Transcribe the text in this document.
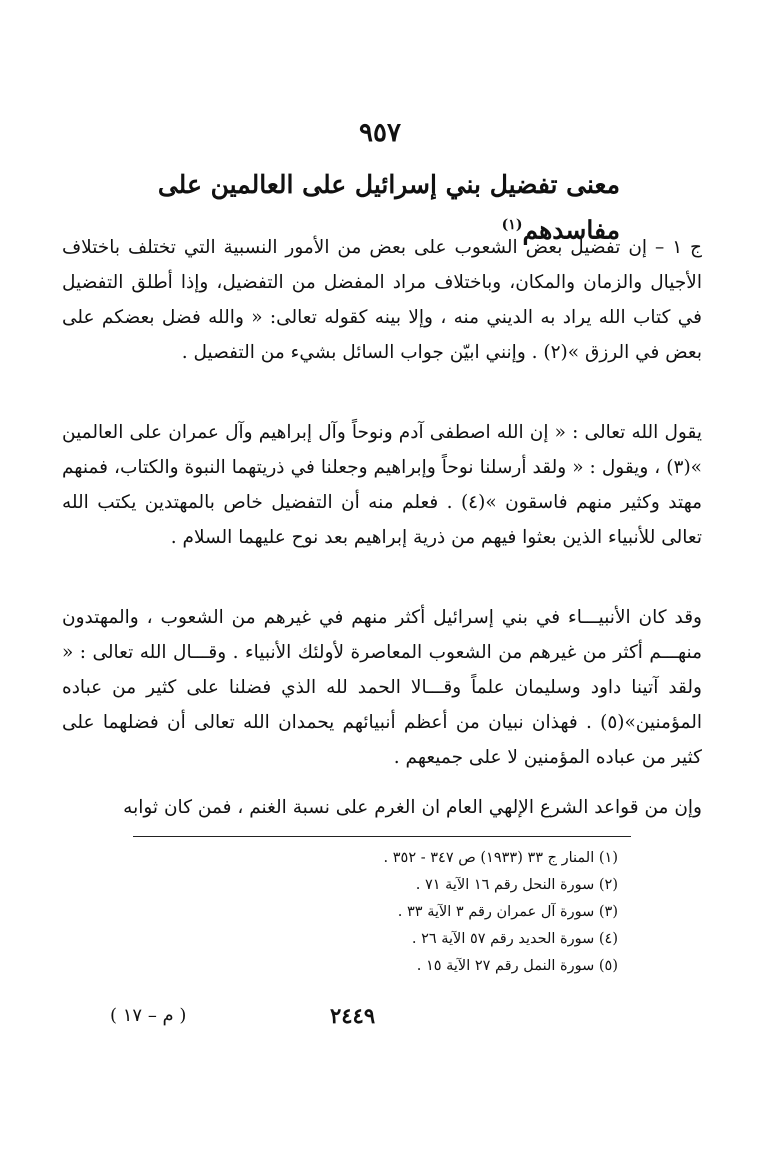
٩٥٧
معنى تفضيل بني إسرائيل على العالمين على مفاسدهم$^{(١)}$

ج ١ – إن تفضيل بعض الشعوب على بعض من الأمور النسبية التي تختلف باختلاف الأجيال والزمان والمكان، وباختلاف مراد المفضل من التفضيل، وإذا أطلق التفضيل في كتاب الله يراد به الديني منه ، وإلا بينه كقوله تعالى: « والله فضل بعضكم على بعض في الرزق »(٢) . وإنني ابيّن جواب السائل بشيء من التفصيل .

يقول الله تعالى : « إن الله اصطفى آدم ونوحاً وآل إبراهيم وآل عمران على العالمين »(٣) ، ويقول : « ولقد أرسلنا نوحاً وإبراهيم وجعلنا في ذريتهما النبوة والكتاب، فمنهم مهتد وكثير منهم فاسقون »(٤) . فعلم منه أن التفضيل خاص بالمهتدين يكتب الله تعالى للأنبياء الذين بعثوا فيهم من ذرية إبراهيم بعد نوح عليهما السلام .

وقد كان الأنبيـــاء في بني إسرائيل أكثر منهم في غيرهم من الشعوب ، والمهتدون منهـــم أكثر من غيرهم من الشعوب المعاصرة لأولئك الأنبياء . وقـــال الله تعالى : « ولقد آتينا داود وسليمان علماً وقـــالا الحمد لله الذي فضلنا على كثير من عباده المؤمنين»(٥) . فهذان نبيان من أعظم أنبيائهم يحمدان الله تعالى أن فضلهما على كثير من عباده المؤمنين لا على جميعهم .

وإن من قواعد الشرع الإلهي العام ان الغرم على نسبة الغنم ، فمن كان ثوابه

(١) المنار ج ٣٣ (١٩٣٣) ص ٣٤٧ - ٣٥٢ .
(٢) سورة النحل رقم ١٦ الآية ٧١ .
(٣) سورة آل عمران رقم ٣ الآية ٣٣ .
(٤) سورة الحديد رقم ٥٧ الآية ٢٦ .
(٥) سورة النمل رقم ٢٧ الآية ١٥ .
( م – ١٧ )	٢٤٤٩
